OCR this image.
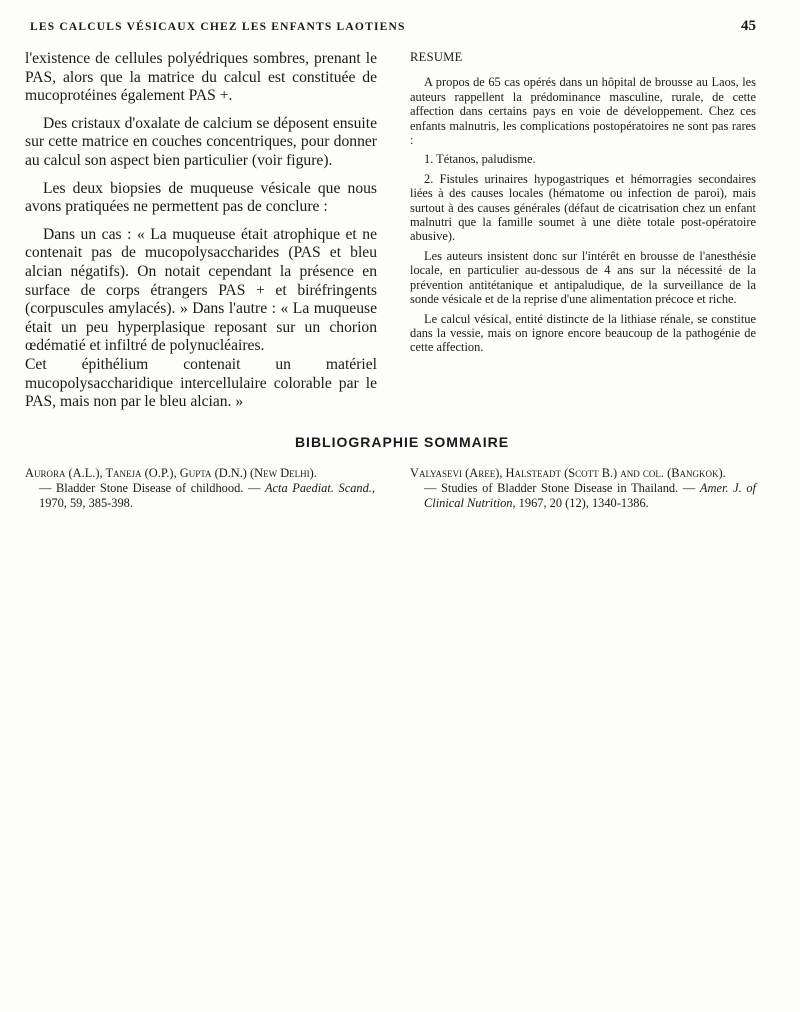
LES CALCULS VÉSICAUX CHEZ LES ENFANTS LAOTIENS	45

l'existence de cellules polyédriques sombres, prenant le PAS, alors que la matrice du calcul est constituée de mucoprotéines également PAS +.

Des cristaux d'oxalate de calcium se déposent ensuite sur cette matrice en couches concentriques, pour donner au calcul son aspect bien particulier (voir figure).

Les deux biopsies de muqueuse vésicale que nous avons pratiquées ne permettent pas de conclure :

Dans un cas : « La muqueuse était atrophique et ne contenait pas de mucopolysaccharides (PAS et bleu alcian négatifs). On notait cependant la présence en surface de corps étrangers PAS + et biréfringents (corpuscules amylacés). » Dans l'autre : « La muqueuse était un peu hyperplasique reposant sur un chorion œdématié et infiltré de polynucléaires.

Cet épithélium contenait un matériel mucopolysaccharidique intercellulaire colorable par le PAS, mais non par le bleu alcian. »

RESUME

A propos de 65 cas opérés dans un hôpital de brousse au Laos, les auteurs rappellent la prédominance masculine, rurale, de cette affection dans certains pays en voie de développement. Chez ces enfants malnutris, les complications postopératoires ne sont pas rares :

1. Tétanos, paludisme.

2. Fistules urinaires hypogastriques et hémorragies secondaires liées à des causes locales (hématome ou infection de paroi), mais surtout à des causes générales (défaut de cicatrisation chez un enfant malnutri que la famille soumet à une diète totale post-opératoire abusive).

Les auteurs insistent donc sur l'intérêt en brousse de l'anesthésie locale, en particulier au-dessous de 4 ans sur la nécessité de la prévention antitétanique et antipaludique, de la surveillance de la sonde vésicale et de la reprise d'une alimentation précoce et riche.

Le calcul vésical, entité distincte de la lithiase rénale, se constitue dans la vessie, mais on ignore encore beaucoup de la pathogénie de cette affection.

BIBLIOGRAPHIE SOMMAIRE
Aurora (A.L.), Taneja (O.P.), Gupta (D.N.) (New Delhi).
— Bladder Stone Disease of childhood. — Acta Paediat. Scand., 1970, 59, 385-398.
Valyasevi (Aree), Halsteadt (Scott B.) and col. (Bangkok).
— Studies of Bladder Stone Disease in Thailand. — Amer. J. of Clinical Nutrition, 1967, 20 (12), 1340-1386.
